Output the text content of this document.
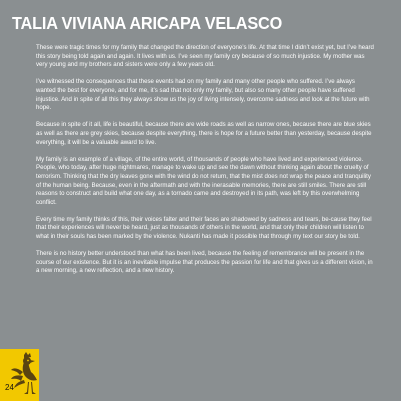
TALIA VIVIANA ARICAPA VELASCO

These were tragic times for my family that changed the direction of everyone’s life. At that time I didn’t exist yet, but I’ve heard this story being told again and again. It lives with us. I’ve seen my family cry because of so much injustice. My mother was very young and my brothers and sisters were only a few years old.

I’ve witnessed the consequences that these events had on my family and many other people who suffered. I’ve always wanted the best for everyone, and for me, it’s sad that not only my family, but also so many other people have suffered injustice. And in spite of all this they always show us the joy of living intensely, overcome sadness and look at the future with hope.

Because in spite of it all, life is beautiful, because there are wide roads as well as narrow ones, because there are blue skies as well as there are grey skies, because despite everything, there is hope for a future better than yesterday, because despite everything, it will be a valuable award to live.

My family is an example of a village, of the entire world, of thousands of people who have lived and experienced violence. People, who today, after huge nightmares, manage to wake up and see the dawn without thinking again about the cruelty of terrorism. Thinking that the dry leaves gone with the wind do not return, that the mist does not wrap the peace and tranquility of the human being. Because, even in the aftermath and with the inerasable memories, there are still smiles. There are still reasons to construct and build what one day, as a tornado came and destroyed in its path, was left by this overwhelming conflict.

Every time my family thinks of this, their voices falter and their faces are shadowed by sadness and tears, be-cause they feel that their experiences will never be heard, just as thousands of others in the world, and that only their children will listen to what in their souls has been marked by the violence. Nukanti has made it possible that through my text our story be told.

There is no history better understood than what has been lived, because the feeling of remembrance will be present in the course of our existence. But it is an inevitable impulse that produces the passion for life and that gives us a different vision, in a new morning, a new reflection, and a new history.

24
